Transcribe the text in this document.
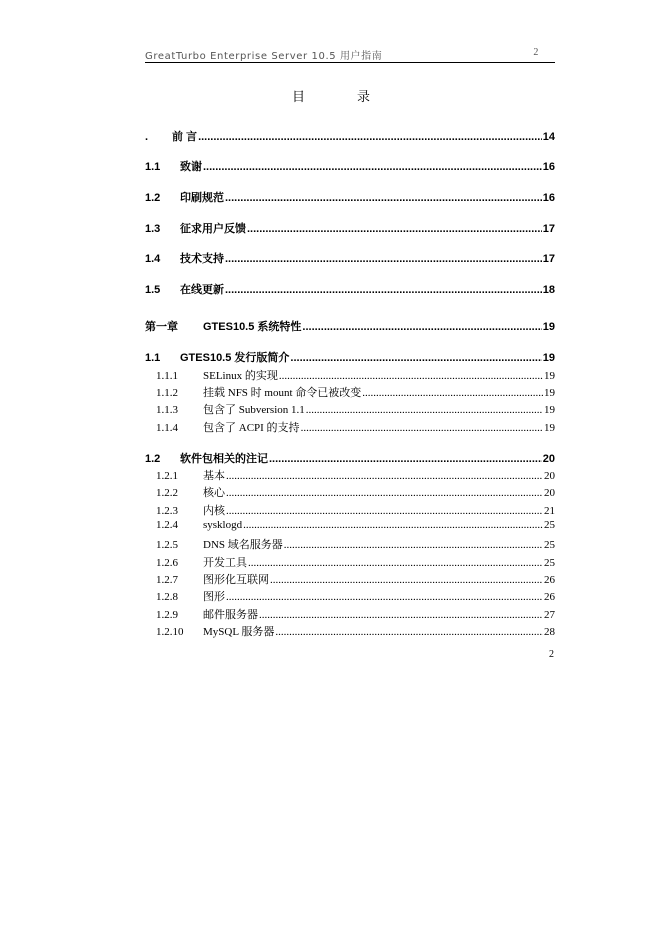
GreatTurbo Enterprise Server 10.5 用户指南	2
目	录
.	前 言 .....	14
1.1	致谢 .....	16
1.2	印刷规范 .....	16
1.3	征求用户反馈 .....	17
1.4	技术支持 .....	17
1.5	在线更新 .....	18
第一章	GTES10.5 系统特性 .....	19
1.1	GTES10.5 发行版简介 .....	19
1.1.1	SELinux 的实现 .....	19
1.1.2	挂载 NFS 时 mount 命令已被改变 .....	19
1.1.3	包含了 Subversion 1.1 .....	19
1.1.4	包含了 ACPI 的支持 .....	19
1.2	软件包相关的注记 .....	20
1.2.1	基本 .....	20
1.2.2	核心 .....	20
1.2.3	内核 .....	21
1.2.4	sysklogd .....	25
1.2.5	DNS 域名服务器 .....	25
1.2.6	开发工具 .....	25
1.2.7	图形化互联网 .....	26
1.2.8	图形 .....	26
1.2.9	邮件服务器 .....	27
1.2.10	MySQL 服务器 .....	28
2
